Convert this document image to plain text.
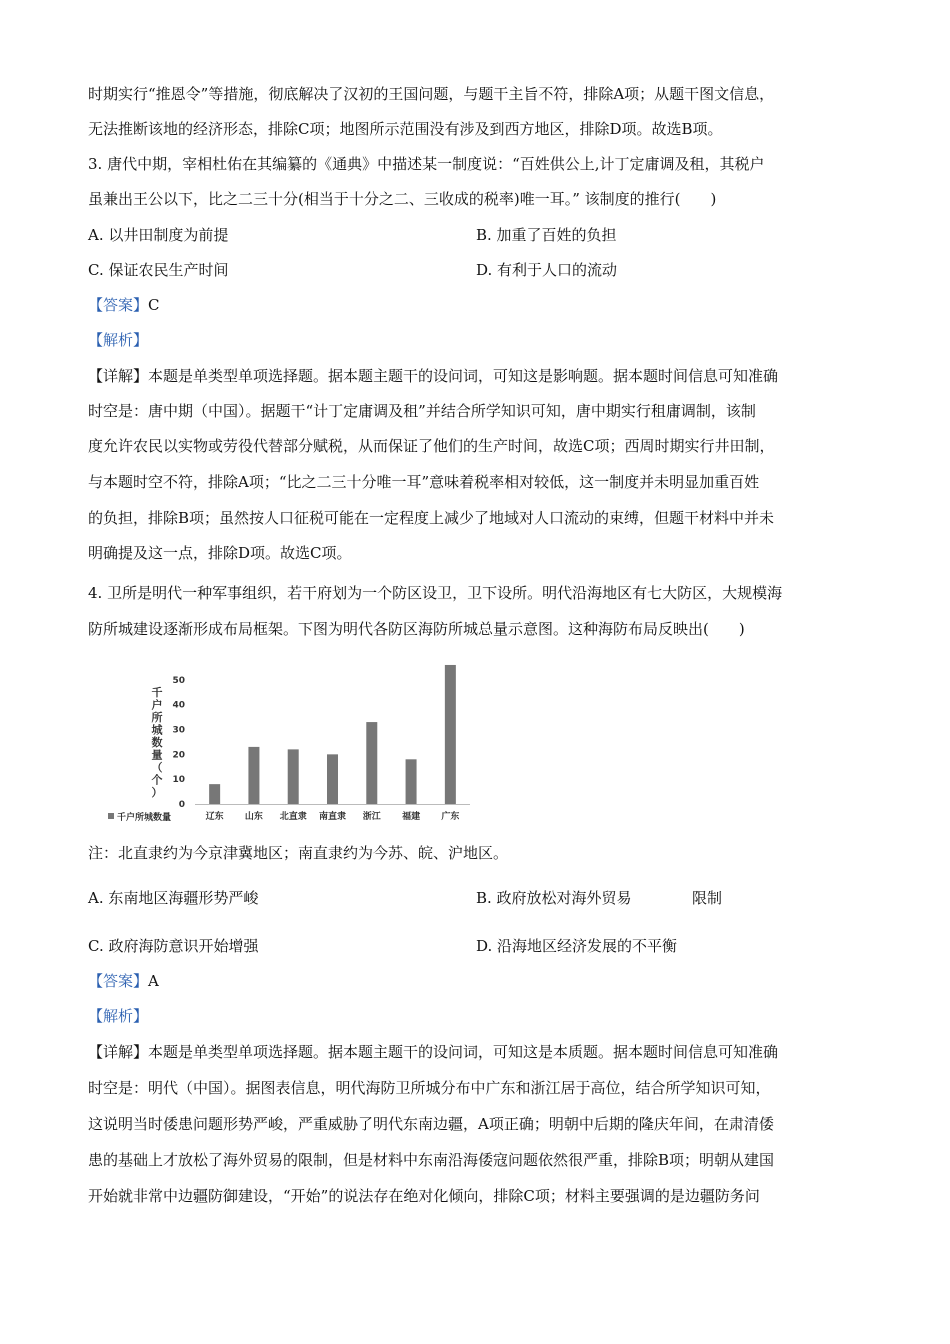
时期实行“推恩令”等措施，彻底解决了汉初的王国问题，与题干主旨不符，排除A项；从题干图文信息，
无法推断该地的经济形态，排除C项；地图所示范围没有涉及到西方地区，排除D项。故选B项。
3. 唐代中期，宰相杜佑在其编纂的《通典》中描述某一制度说：“百姓供公上,计丁定庸调及租，其税户
虽兼出王公以下，比之二三十分(相当于十分之二、三收成的税率)唯一耳。” 该制度的推行(　　)
A. 以井田制度为前提	B. 加重了百姓的负担
C. 保证农民生产时间	D. 有利于人口的流动
【答案】C
【解析】
【详解】本题是单类型单项选择题。据本题主题干的设问词，可知这是影响题。据本题时间信息可知准确
时空是：唐中期（中国）。据题干“计丁定庸调及租”并结合所学知识可知，唐中期实行租庸调制，该制
度允许农民以实物或劳役代替部分赋税，从而保证了他们的生产时间，故选C项；西周时期实行井田制，
与本题时空不符，排除A项；“比之二三十分唯一耳”意味着税率相对较低，这一制度并未明显加重百姓
的负担，排除B项；虽然按人口征税可能在一定程度上减少了地域对人口流动的束缚，但题干材料中并未
明确提及这一点，排除D项。故选C项。
4. 卫所是明代一种军事组织，若干府划为一个防区设卫，卫下设所。明代沿海地区有七大防区，大规模海
防所城建设逐渐形成布局框架。下图为明代各防区海防所城总量示意图。这种海防布局反映出(　　)
千
户
所
城
数
量
（
个
）
0
10
20
30
40
50
辽东 山东 北直隶 南直隶 浙江 福建 广东
千户所城数量
注：北直隶约为今京津冀地区；南直隶约为今苏、皖、沪地区。
A. 东南地区海疆形势严峻	B. 政府放松对海外贸易	限制
C. 政府海防意识开始增强	D. 沿海地区经济发展的不平衡
【答案】A
【解析】
【详解】本题是单类型单项选择题。据本题主题干的设问词，可知这是本质题。据本题时间信息可知准确
时空是：明代（中国）。据图表信息，明代海防卫所城分布中广东和浙江居于高位，结合所学知识可知，
这说明当时倭患问题形势严峻，严重威胁了明代东南边疆，A项正确；明朝中后期的隆庆年间，在肃清倭
患的基础上才放松了海外贸易的限制，但是材料中东南沿海倭寇问题依然很严重，排除B项；明朝从建国
开始就非常中边疆防御建设，“开始”的说法存在绝对化倾向，排除C项；材料主要强调的是边疆防务问
